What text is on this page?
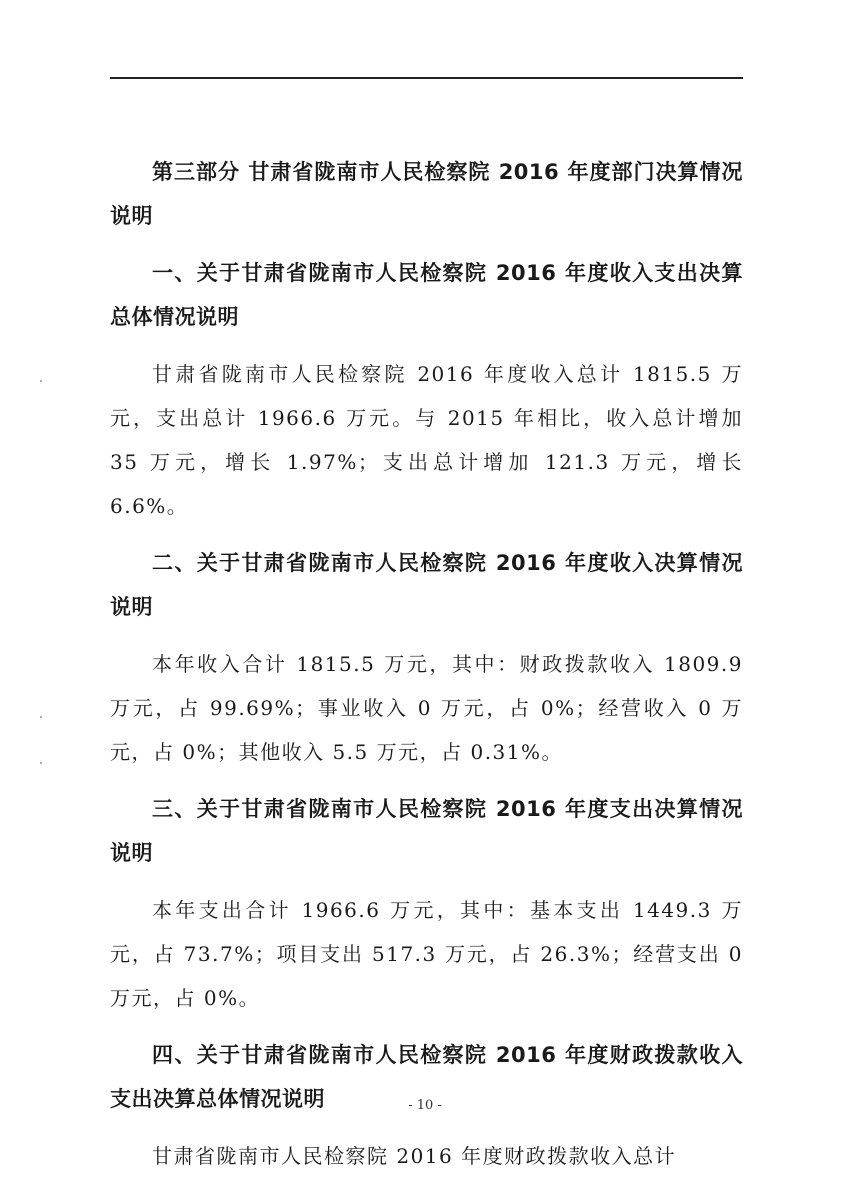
第三部分 甘肃省陇南市人民检察院 2016 年度部门决算情况说明
一、关于甘肃省陇南市人民检察院 2016 年度收入支出决算总体情况说明
甘肃省陇南市人民检察院 2016 年度收入总计 1815.5 万元，支出总计 1966.6 万元。与 2015 年相比，收入总计增加 35 万元，增长 1.97%；支出总计增加 121.3 万元，增长 6.6%。
二、关于甘肃省陇南市人民检察院 2016 年度收入决算情况说明
本年收入合计 1815.5 万元，其中：财政拨款收入 1809.9 万元，占 99.69%；事业收入 0 万元，占 0%；经营收入 0 万元，占 0%；其他收入 5.5 万元，占 0.31%。
三、关于甘肃省陇南市人民检察院 2016 年度支出决算情况说明
本年支出合计 1966.6 万元，其中：基本支出 1449.3 万元，占 73.7%；项目支出 517.3 万元，占 26.3%；经营支出 0 万元，占 0%。
四、关于甘肃省陇南市人民检察院 2016 年度财政拨款收入支出决算总体情况说明
甘肃省陇南市人民检察院 2016 年度财政拨款收入总计
- 10 -
